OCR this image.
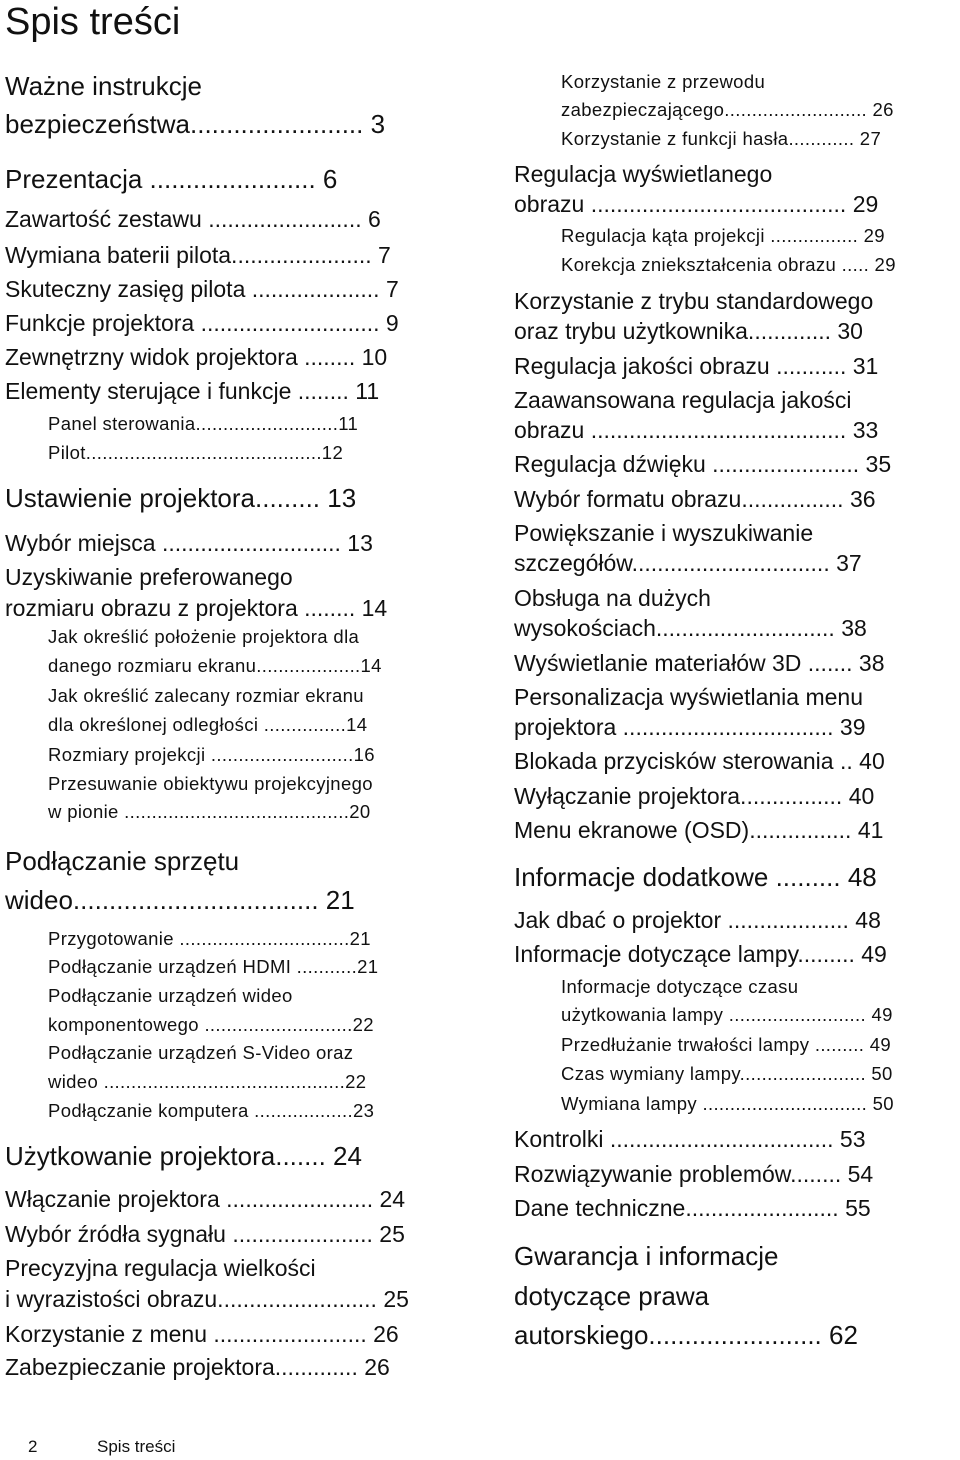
Spis treści
Ważne instrukcje
bezpieczeństwa........................ 3
Prezentacja ....................... 6
Zawartość zestawu ........................ 6
Wymiana baterii pilota...................... 7
Skuteczny zasięg pilota .................... 7
Funkcje projektora ............................ 9
Zewnętrzny widok projektora ........ 10
Elementy sterujące i funkcje ........ 11
Panel sterowania..........................11
Pilot...........................................12
Ustawienie projektora......... 13
Wybór miejsca ............................ 13
Uzyskiwanie preferowanego
rozmiaru obrazu z projektora ........ 14
Jak określić położenie projektora dla
danego rozmiaru ekranu...................14
Jak określić zalecany rozmiar ekranu
dla określonej odległości ...............14
Rozmiary projekcji ..........................16
Przesuwanie obiektywu projekcyjnego
w pionie .........................................20
Podłączanie sprzętu
wideo.................................. 21
Przygotowanie ...............................21
Podłączanie urządzeń HDMI ...........21
Podłączanie urządzeń wideo
komponentowego ...........................22
Podłączanie urządzeń S-Video oraz
wideo ............................................22
Podłączanie komputera ..................23
Użytkowanie projektora....... 24
Włączanie projektora ....................... 24
Wybór źródła sygnału ...................... 25
Precyzyjna regulacja wielkości
i wyrazistości obrazu......................... 25
Korzystanie z menu ........................ 26
Zabezpieczanie projektora............. 26
Korzystanie z przewodu
zabezpieczającego.......................... 26
Korzystanie z funkcji hasła............ 27
Regulacja wyświetlanego
obrazu ........................................ 29
Regulacja kąta projekcji ................ 29
Korekcja zniekształcenia obrazu ..... 29
Korzystanie z trybu standardowego
oraz trybu użytkownika............. 30
Regulacja jakości obrazu ........... 31
Zaawansowana regulacja jakości
obrazu ........................................ 33
Regulacja dźwięku ....................... 35
Wybór formatu obrazu................ 36
Powiększanie i wyszukiwanie
szczegółów............................... 37
Obsługa na dużych
wysokościach............................ 38
Wyświetlanie materiałów 3D ....... 38
Personalizacja wyświetlania menu
projektora ................................. 39
Blokada przycisków sterowania .. 40
Wyłączanie projektora................ 40
Menu ekranowe (OSD)................ 41
Informacje dodatkowe ......... 48
Jak dbać o projektor ................... 48
Informacje dotyczące lampy......... 49
Informacje dotyczące czasu
użytkowania lampy ......................... 49
Przedłużanie trwałości lampy ......... 49
Czas wymiany lampy....................... 50
Wymiana lampy .............................. 50
Kontrolki ................................... 53
Rozwiązywanie problemów........ 54
Dane techniczne........................ 55
Gwarancja i informacje
dotyczące prawa
autorskiego........................ 62
2	Spis treści
